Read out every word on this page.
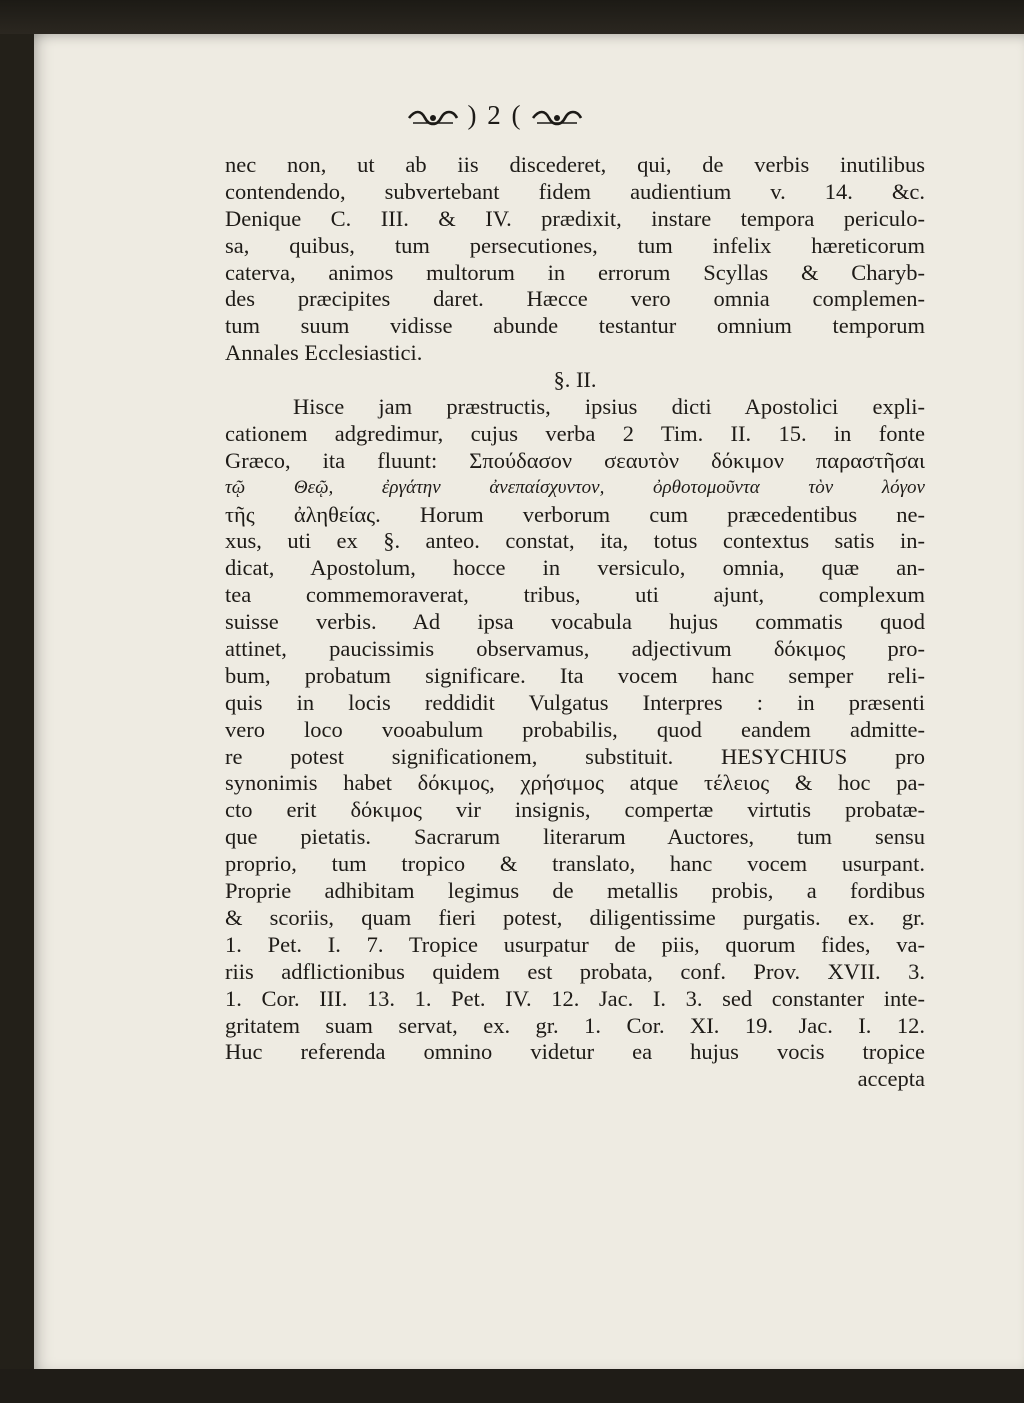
) 2 (
nec non, ut ab iis discederet, qui, de verbis inutilibus
contendendo, subvertebant fidem audientium v. 14. &c.
Denique C. III. & IV. prædixit, instare tempora periculo-
sa, quibus, tum persecutiones, tum infelix hæreticorum
caterva, animos multorum in errorum Scyllas & Charyb-
des præcipites daret. Hæcce vero omnia complemen-
tum suum vidisse abunde testantur omnium temporum
Annales Ecclesiastici.
§. II.
Hisce jam præstructis, ipsius dicti Apostolici expli-
cationem adgredimur, cujus verba 2 Tim. II. 15. in fonte
Græco, ita fluunt: Σπούδασον σεαυτὸν δόκιμον παραστῆσαι
τῷ Θεῷ, ἐργάτην ἀνεπαίσχυντον, ὀρθοτομοῦντα τὸν λόγον
τῆς ἀληθείας. Horum verborum cum præcedentibus ne-
xus, uti ex §. anteo. constat, ita, totus contextus satis in-
dicat, Apostolum, hocce in versiculo, omnia, quæ an-
tea commemoraverat, tribus, uti ajunt, complexum
suisse verbis. Ad ipsa vocabula hujus commatis quod
attinet, paucissimis observamus, adjectivum δόκιμος pro-
bum, probatum significare. Ita vocem hanc semper reli-
quis in locis reddidit Vulgatus Interpres : in præsenti
vero loco vooabulum probabilis, quod eandem admitte-
re potest significationem, substituit. HESYCHIUS pro
synonimis habet δόκιμος, χρήσιμος atque τέλειος & hoc pa-
cto erit δόκιμος vir insignis, compertæ virtutis probatæ-
que pietatis. Sacrarum literarum Auctores, tum sensu
proprio, tum tropico & translato, hanc vocem usurpant.
Proprie adhibitam legimus de metallis probis, a fordibus
& scoriis, quam fieri potest, diligentissime purgatis. ex. gr.
1. Pet. I. 7. Tropice usurpatur de piis, quorum fides, va-
riis adflictionibus quidem est probata, conf. Prov. XVII. 3.
1. Cor. III. 13. 1. Pet. IV. 12. Jac. I. 3. sed constanter inte-
gritatem suam servat, ex. gr. 1. Cor. XI. 19. Jac. I. 12.
Huc referenda omnino videtur ea hujus vocis tropice
accepta
